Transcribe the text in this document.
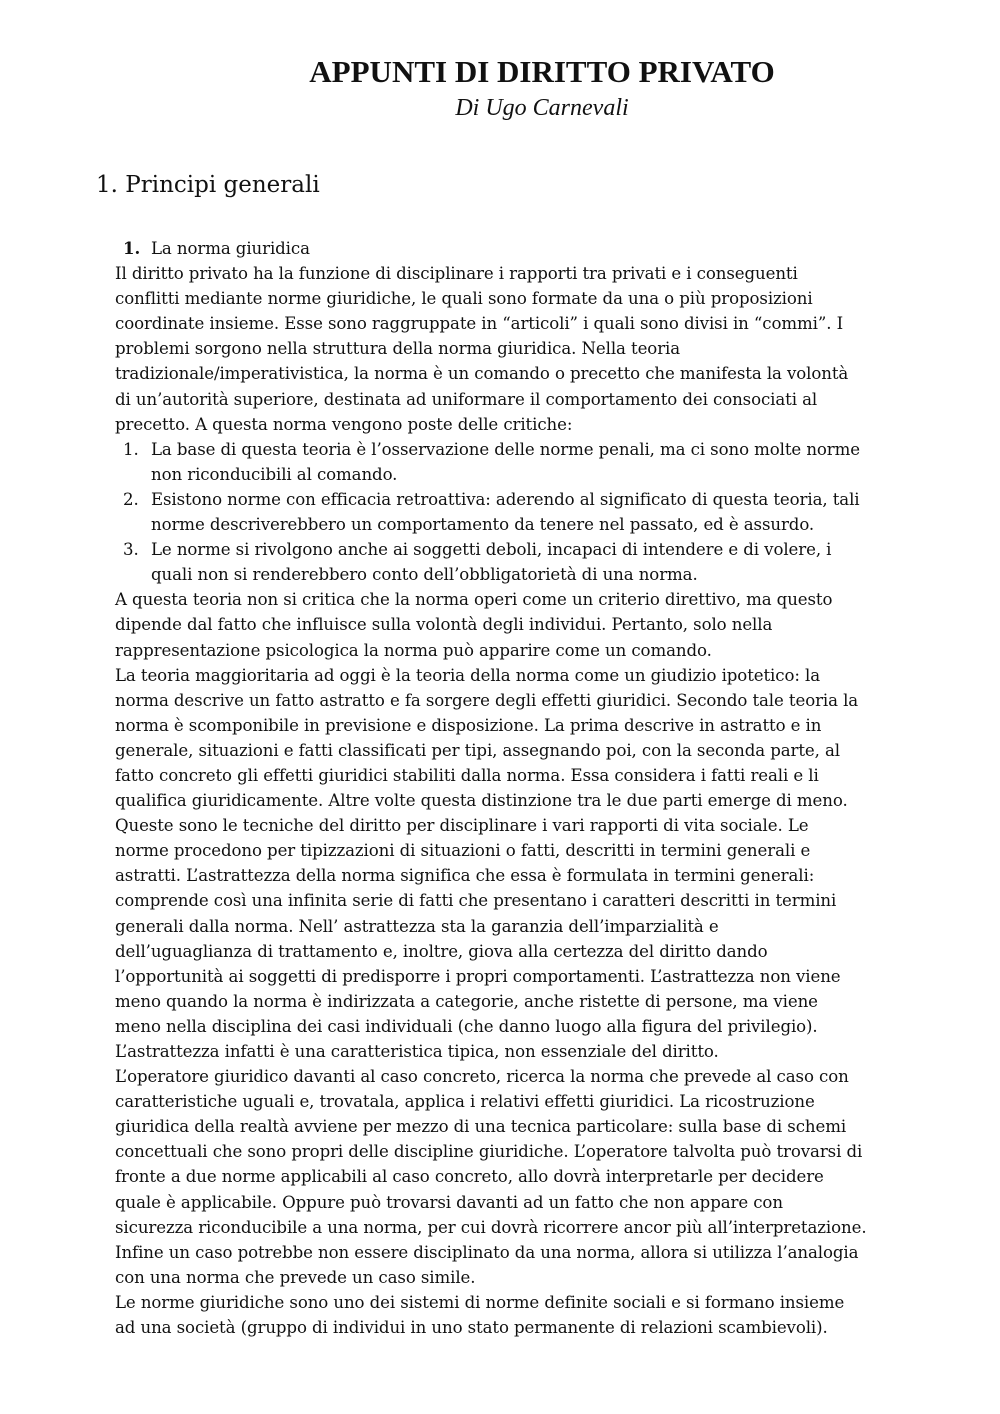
APPUNTI DI DIRITTO PRIVATO
Di Ugo Carnevali
1. Principi generali
1. La norma giuridica
Il diritto privato ha la funzione di disciplinare i rapporti tra privati e i conseguenti
conflitti mediante norme giuridiche, le quali sono formate da una o più proposizioni
coordinate insieme. Esse sono raggruppate in “articoli” i quali sono divisi in “commi”. I
problemi sorgono nella struttura della norma giuridica. Nella teoria
tradizionale/imperativistica, la norma è un comando o precetto che manifesta la volontà
di un’autorità superiore, destinata ad uniformare il comportamento dei consociati al
precetto. A questa norma vengono poste delle critiche:
1. La base di questa teoria è l’osservazione delle norme penali, ma ci sono molte norme
non riconducibili al comando.
2. Esistono norme con efficacia retroattiva: aderendo al significato di questa teoria, tali
norme descriverebbero un comportamento da tenere nel passato, ed è assurdo.
3. Le norme si rivolgono anche ai soggetti deboli, incapaci di intendere e di volere, i
quali non si renderebbero conto dell’obbligatorietà di una norma.
A questa teoria non si critica che la norma operi come un criterio direttivo, ma questo
dipende dal fatto che influisce sulla volontà degli individui. Pertanto, solo nella
rappresentazione psicologica la norma può apparire come un comando.
La teoria maggioritaria ad oggi è la teoria della norma come un giudizio ipotetico: la
norma descrive un fatto astratto e fa sorgere degli effetti giuridici. Secondo tale teoria la
norma è scomponibile in previsione e disposizione. La prima descrive in astratto e in
generale, situazioni e fatti classificati per tipi, assegnando poi, con la seconda parte, al
fatto concreto gli effetti giuridici stabiliti dalla norma. Essa considera i fatti reali e li
qualifica giuridicamente. Altre volte questa distinzione tra le due parti emerge di meno.
Queste sono le tecniche del diritto per disciplinare i vari rapporti di vita sociale. Le
norme procedono per tipizzazioni di situazioni o fatti, descritti in termini generali e
astratti. L’astrattezza della norma significa che essa è formulata in termini generali:
comprende così una infinita serie di fatti che presentano i caratteri descritti in termini
generali dalla norma. Nell’ astrattezza sta la garanzia dell’imparzialità e
dell’uguaglianza di trattamento e, inoltre, giova alla certezza del diritto dando
l’opportunità ai soggetti di predisporre i propri comportamenti. L’astrattezza non viene
meno quando la norma è indirizzata a categorie, anche ristette di persone, ma viene
meno nella disciplina dei casi individuali (che danno luogo alla figura del privilegio).
L’astrattezza infatti è una caratteristica tipica, non essenziale del diritto.
L’operatore giuridico davanti al caso concreto, ricerca la norma che prevede al caso con
caratteristiche uguali e, trovatala, applica i relativi effetti giuridici. La ricostruzione
giuridica della realtà avviene per mezzo di una tecnica particolare: sulla base di schemi
concettuali che sono propri delle discipline giuridiche. L’operatore talvolta può trovarsi di
fronte a due norme applicabili al caso concreto, allo dovrà interpretarle per decidere
quale è applicabile. Oppure può trovarsi davanti ad un fatto che non appare con
sicurezza riconducibile a una norma, per cui dovrà ricorrere ancor più all’interpretazione.
Infine un caso potrebbe non essere disciplinato da una norma, allora si utilizza l’analogia
con una norma che prevede un caso simile.
Le norme giuridiche sono uno dei sistemi di norme definite sociali e si formano insieme
ad una società (gruppo di individui in uno stato permanente di relazioni scambievoli).
